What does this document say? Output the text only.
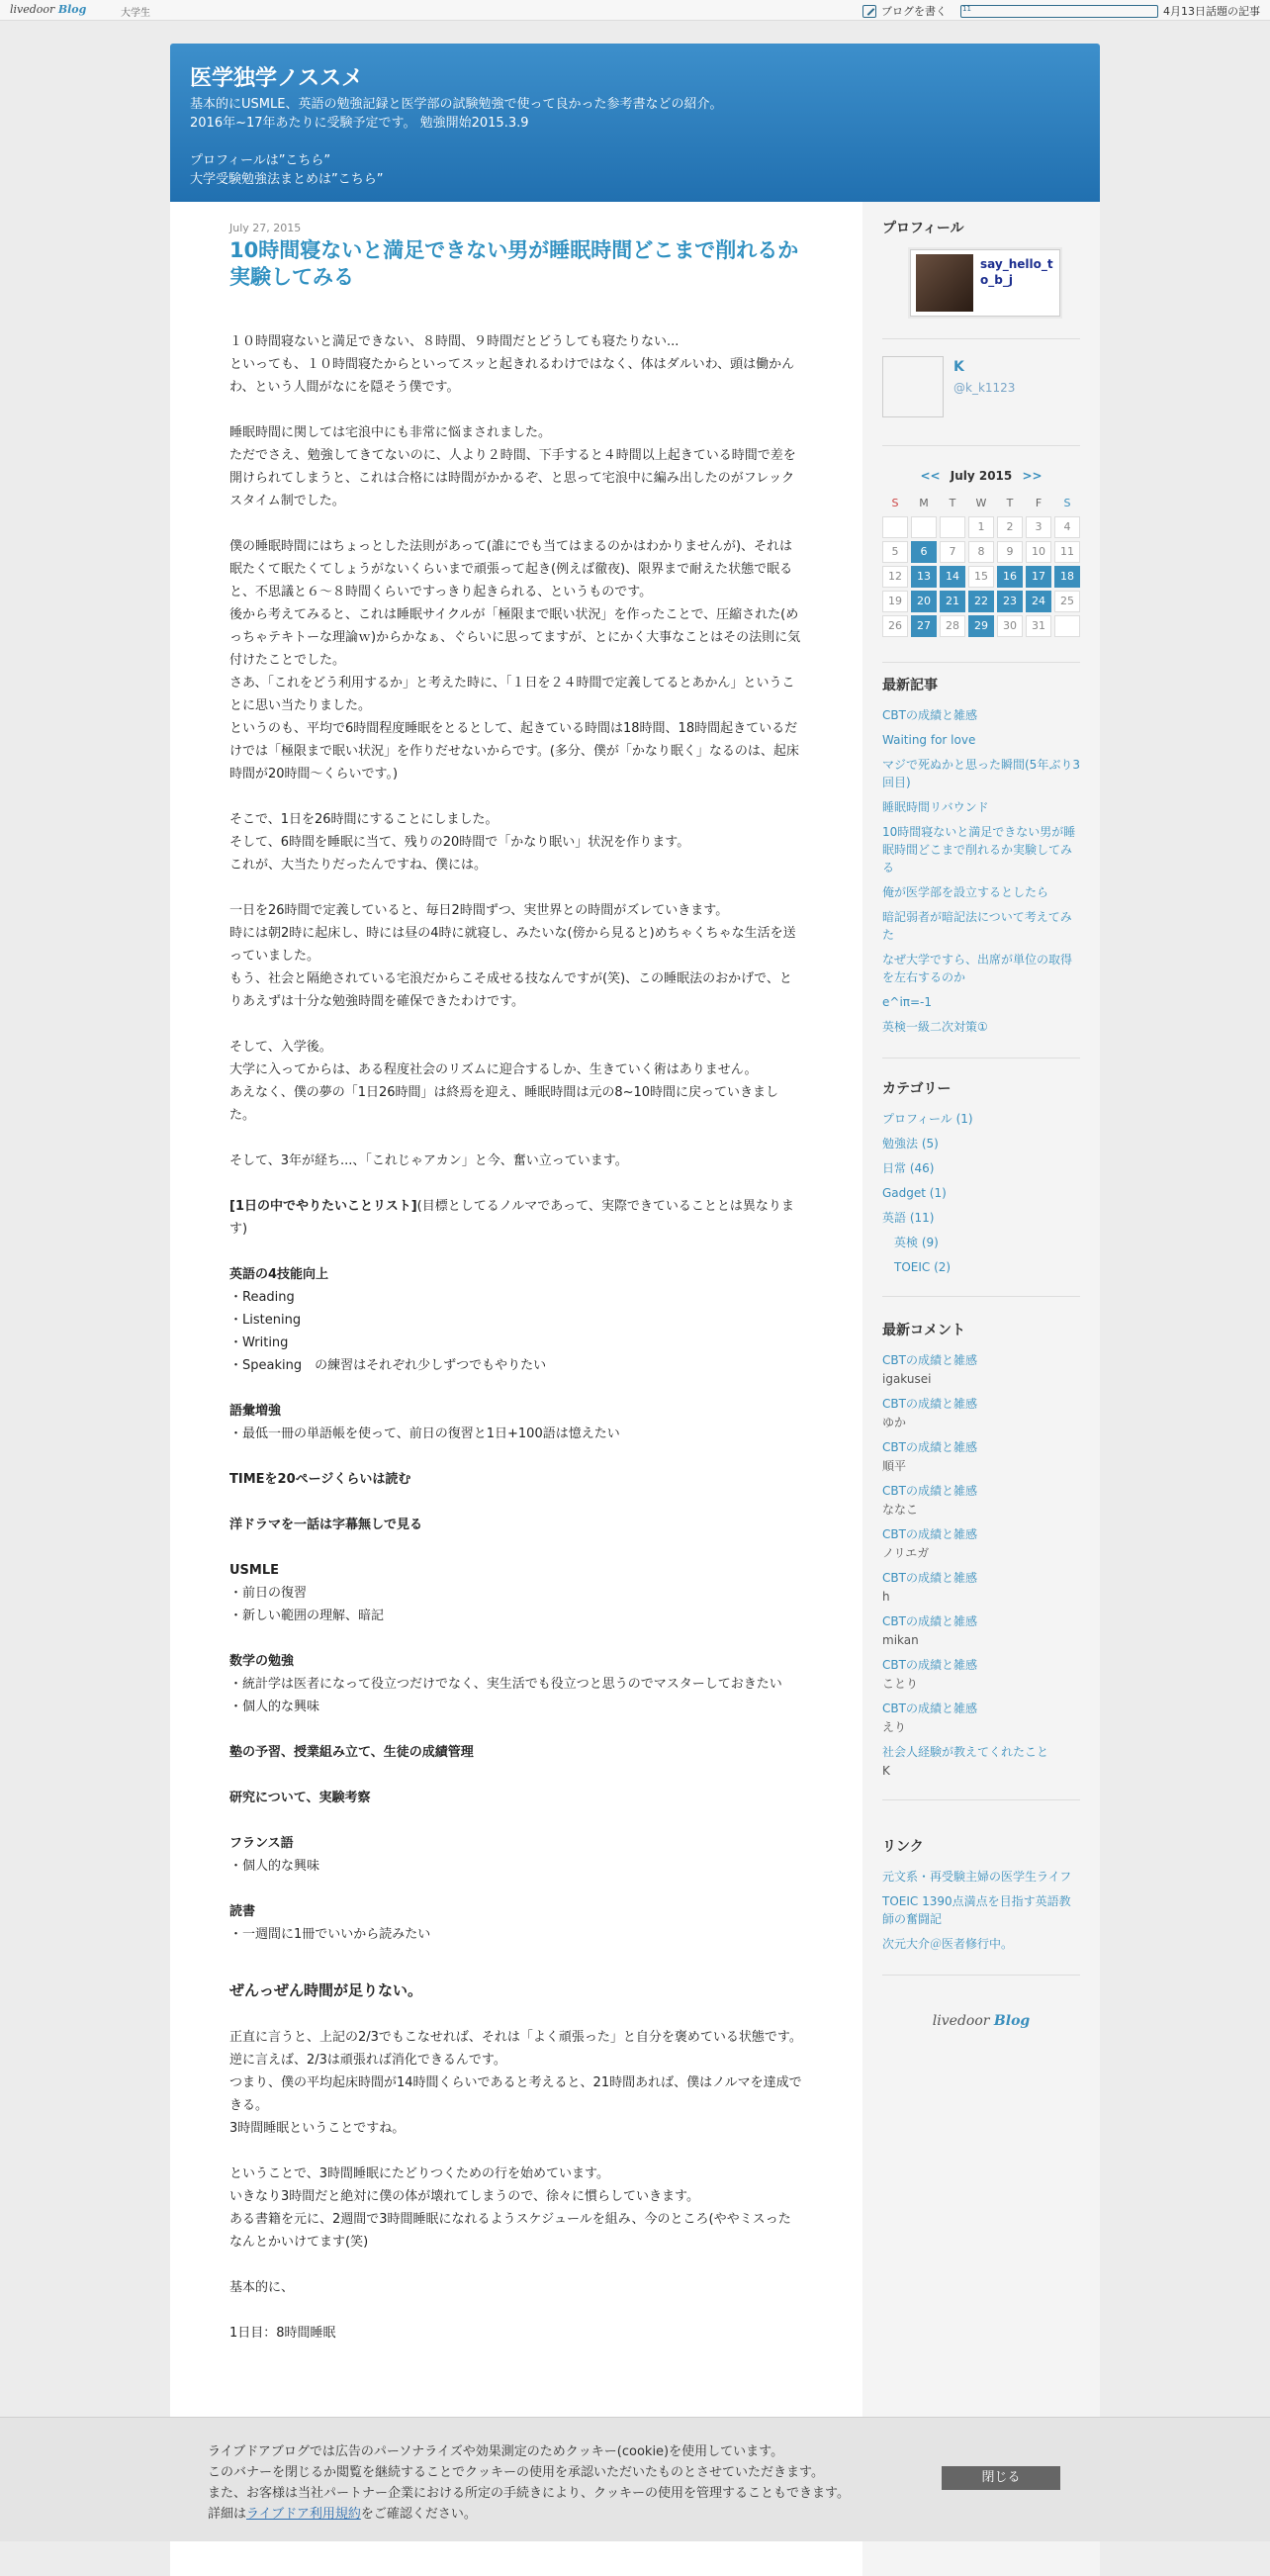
livedoor Blog	大学生	ブログを書く 11	4月13日話題の記事
医学独学ノススメ
基本的にUSMLE、英語の勉強記録と医学部の試験勉強で使って良かった参考書などの紹介。
2016年~17年あたりに受験予定です。 勉強開始2015.3.9

プロフィールは”こちら”
大学受験勉強法まとめは”こちら”
July 27, 2015
10時間寝ないと満足できない男が睡眠時間どこまで削れるか実験してみる

１０時間寝ないと満足できない、８時間、９時間だとどうしても寝たりない...
といっても、１０時間寝たからといってスッと起きれるわけではなく、体はダルいわ、頭は働かんわ、という人間がなにを隠そう僕です。

睡眠時間に関しては宅浪中にも非常に悩まされました。
ただでさえ、勉強してきてないのに、人より２時間、下手すると４時間以上起きている時間で差を開けられてしまうと、これは合格には時間がかかるぞ、と思って宅浪中に編み出したのがフレックスタイム制でした。

僕の睡眠時間にはちょっとした法則があって(誰にでも当てはまるのかはわかりませんが)、それは眠たくて眠たくてしょうがないくらいまで頑張って起き(例えば徹夜)、限界まで耐えた状態で眠ると、不思議と６～８時間くらいですっきり起きられる、というものです。
後から考えてみると、これは睡眠サイクルが「極限まで眠い状況」を作ったことで、圧縮された(めっちゃテキトーな理論ｗ)からかなぁ、ぐらいに思ってますが、とにかく大事なことはその法則に気付けたことでした。
さあ、「これをどう利用するか」と考えた時に、「１日を２４時間で定義してるとあかん」ということに思い当たりました。
というのも、平均で6時間程度睡眠をとるとして、起きている時間は18時間、18時間起きているだけでは「極限まで眠い状況」を作りだせないからです。(多分、僕が「かなり眠く」なるのは、起床時間が20時間～くらいです。)

そこで、1日を26時間にすることにしました。
そして、6時間を睡眠に当て、残りの20時間で「かなり眠い」状況を作ります。
これが、大当たりだったんですね、僕には。

一日を26時間で定義していると、毎日2時間ずつ、実世界との時間がズレていきます。
時には朝2時に起床し、時には昼の4時に就寝し、みたいな(傍から見ると)めちゃくちゃな生活を送っていました。
もう、社会と隔絶されている宅浪だからこそ成せる技なんですが(笑)、この睡眠法のおかげで、とりあえずは十分な勉強時間を確保できたわけです。

そして、入学後。
大学に入ってからは、ある程度社会のリズムに迎合するしか、生きていく術はありません。
あえなく、僕の夢の「1日26時間」は終焉を迎え、睡眠時間は元の8~10時間に戻っていきました。

そして、3年が経ち...、「これじゃアカン」と今、奮い立っています。

[1日の中でやりたいことリスト](目標としてるノルマであって、実際できていることとは異なります)

英語の4技能向上
・Reading
・Listening
・Writing
・Speaking　の練習はそれぞれ少しずつでもやりたい

語彙増強
・最低一冊の単語帳を使って、前日の復習と1日+100語は憶えたい

TIMEを20ページくらいは読む

洋ドラマを一話は字幕無しで見る

USMLE
・前日の復習
・新しい範囲の理解、暗記

数学の勉強
・統計学は医者になって役立つだけでなく、実生活でも役立つと思うのでマスターしておきたい
・個人的な興味

塾の予習、授業組み立て、生徒の成績管理

研究について、実験考察

フランス語
・個人的な興味

読書
・一週間に1冊でいいから読みたい

ぜんっぜん時間が足りない。

正直に言うと、上記の2/3でもこなせれば、それは「よく頑張った」と自分を褒めている状態です。
逆に言えば、2/3は頑張れば消化できるんです。
つまり、僕の平均起床時間が14時間くらいであると考えると、21時間あれば、僕はノルマを達成できる。
3時間睡眠ということですね。

ということで、3時間睡眠にたどりつくための行を始めています。
いきなり3時間だと絶対に僕の体が壊れてしまうので、徐々に慣らしていきます。
ある書籍を元に、2週間で3時間睡眠になれるようスケジュールを組み、今のところ(ややミスったなんとかいけてます(笑)

基本的に、

1日目：8時間睡眠

プロフィール
say_hello_to_b_j
K
@k_k1123
<< July 2015 >>
S	M	T	W	T	F	S
			1	2	3	4
5	6	7	8	9	10	11
12	13	14	15	16	17	18
19	20	21	22	23	24	25
26	27	28	29	30	31	
最新記事
CBTの成績と雑感
Waiting for love
マジで死ぬかと思った瞬間(5年ぶり3回目)
睡眠時間リバウンド
10時間寝ないと満足できない男が睡眠時間どこまで削れるか実験してみる
俺が医学部を設立するとしたら
暗記弱者が暗記法について考えてみた
なぜ大学ですら、出席が単位の取得を左右するのか
e^iπ=-1
英検一級二次対策①
カテゴリー
プロフィール (1)
勉強法 (5)
日常 (46)
Gadget (1)
英語 (11)
英検 (9)
TOEIC (2)
最新コメント
CBTの成績と雑感
igakusei
CBTの成績と雑感
ゆか
CBTの成績と雑感
順平
CBTの成績と雑感
ななこ
CBTの成績と雑感
ノリエガ
CBTの成績と雑感
h
CBTの成績と雑感
mikan
CBTの成績と雑感
ことり
CBTの成績と雑感
えり
社会人経験が教えてくれたこと
K
リンク
元文系・再受験主婦の医学生ライフ
TOEIC 1390点満点を目指す英語教師の奮闘記
次元大介＠医者修行中。
livedoor Blog
ライブドアブログでは広告のパーソナライズや効果測定のためクッキー(cookie)を使用しています。
このバナーを閉じるか閲覧を継続することでクッキーの使用を承認いただいたものとさせていただきます。
また、お客様は当社パートナー企業における所定の手続きにより、クッキーの使用を管理することもできます。
詳細はライブドア利用規約をご確認ください。
閉じる
